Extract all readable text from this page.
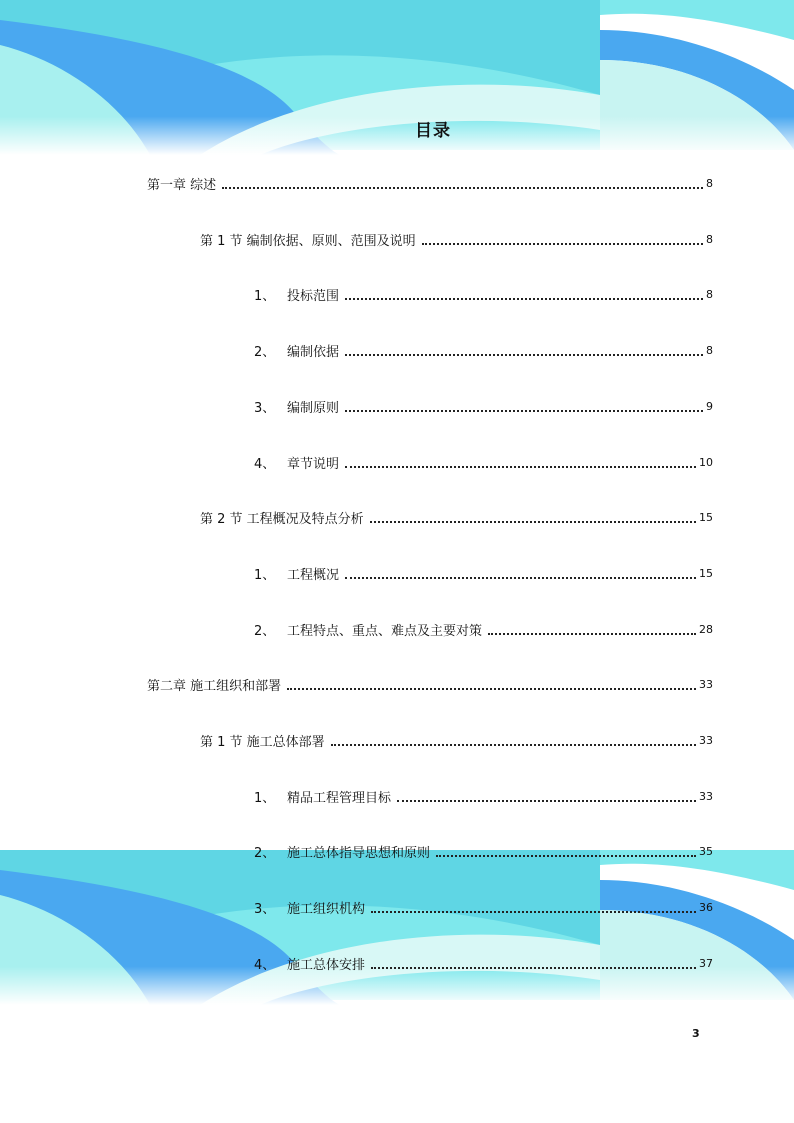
目录
第一章 综述	8
第 1 节 编制依据、原则、范围及说明	8
1、 投标范围	8
2、 编制依据	8
3、 编制原则	9
4、 章节说明	10
第 2 节 工程概况及特点分析	15
1、 工程概况	15
2、 工程特点、重点、难点及主要对策	28
第二章 施工组织和部署	33
第 1 节 施工总体部署	33
1、 精品工程管理目标	33
2、 施工总体指导思想和原则	35
3、 施工组织机构	36
4、 施工总体安排	37
3
